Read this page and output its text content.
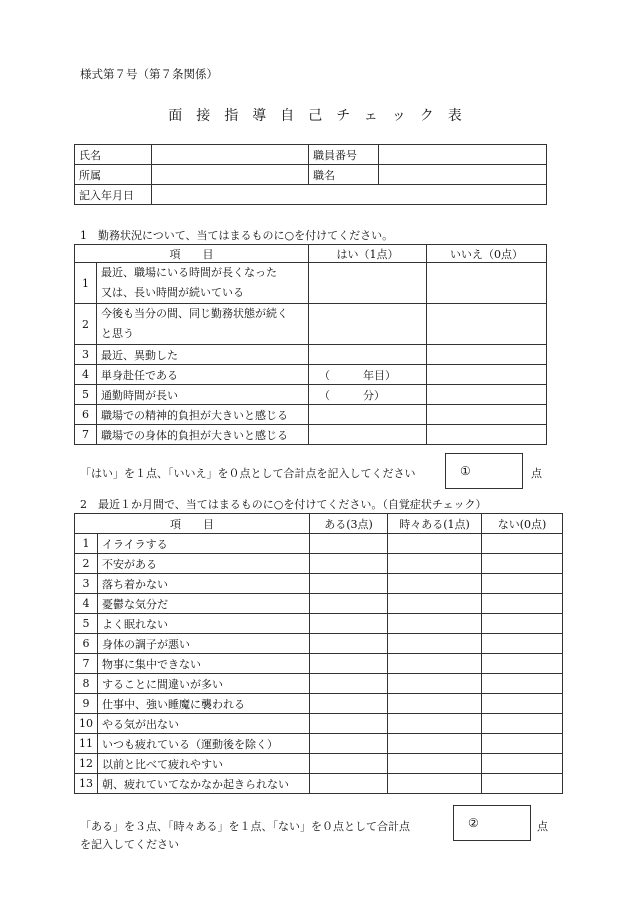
様式第７号（第７条関係）
面接指導自己チェック表
氏名		職員番号	
所属		職名	
記入年月日			
1　勤務状況について、当てはまるものに○を付けてください。
項　　目		はい（1点）	いいえ（0点）
1	最近、職場にいる時間が長くなった
又は、長い時間が続いている		
2	今後も当分の間、同じ勤務状態が続く
と思う		
3	最近、異動した		
4	単身赴任である	（　　　年目）	
5	通勤時間が長い	（　　　分）	
6	職場での精神的負担が大きいと感じる		
7	職場での身体的負担が大きいと感じる		
「はい」を１点、「いいえ」を０点として合計点を記入してください	①	点
2　最近１か月間で、当てはまるものに○を付けてください。（自覚症状チェック）
項　　目		ある(3点)	時々ある(1点)	ない(0点)
1	イライラする			
2	不安がある			
3	落ち着かない			
4	憂鬱な気分だ			
5	よく眠れない			
6	身体の調子が悪い			
7	物事に集中できない			
8	することに間違いが多い			
9	仕事中、強い睡魔に襲われる			
10	やる気が出ない			
11	いつも疲れている（運動後を除く）			
12	以前と比べて疲れやすい			
13	朝、疲れていてなかなか起きられない			
「ある」を３点、「時々ある」を１点、「ない」を０点として合計点
を記入してください
②	点
